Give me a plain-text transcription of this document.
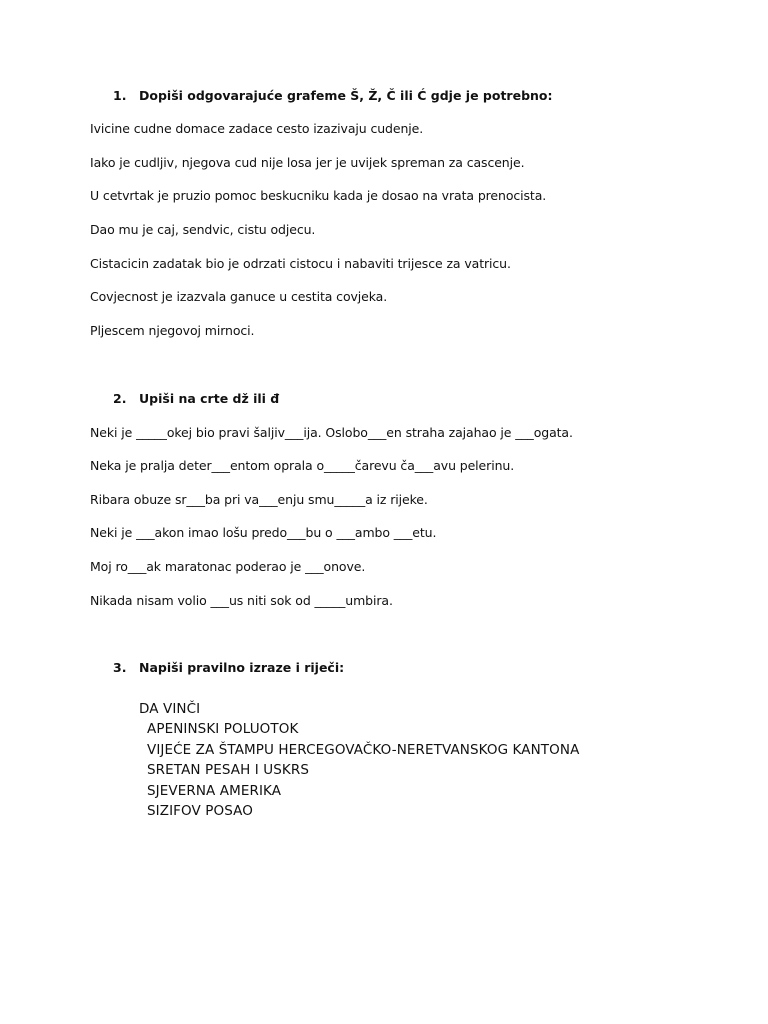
1. Dopiši odgovarajuće grafeme Š, Ž, Č ili Ć gdje je potrebno:
Ivicine cudne domace zadace cesto izazivaju cudenje.
Iako je cudljiv, njegova cud nije losa jer je uvijek spreman za cascenje.
U cetvrtak je pruzio pomoc beskucniku kada je dosao na vrata prenocista.
Dao mu je caj, sendvic, cistu odjecu.
Cistacicin zadatak bio je odrzati cistocu i nabaviti trijesce za vatricu.
Covjecnost je izazvala ganuce u cestita covjeka.
Pljescem njegovoj mirnoci.
2. Upiši na crte dž ili đ
Neki je _____okej bio pravi šaljiv___ija. Oslobo___en straha zajahao je ___ogata.
Neka je pralja deter___entom oprala o_____čarevu ča___avu pelerinu.
Ribara obuze sr___ba pri va___enju smu_____a iz rijeke.
Neki je ___akon imao lošu predo___bu o ___ambo ___etu.
Moj ro___ak maratonac poderao je ___onove.
Nikada nisam volio ___us niti sok od _____umbira.
3. Napiši pravilno izraze i riječi:
DA VINČI
APENINSKI POLUOTOK
VIJEĆE ZA ŠTAMPU HERCEGOVAČKO-NERETVANSKOG KANTONA
SRETAN PESAH I USKRS
SJEVERNA AMERIKA
SIZIFOV POSAO
